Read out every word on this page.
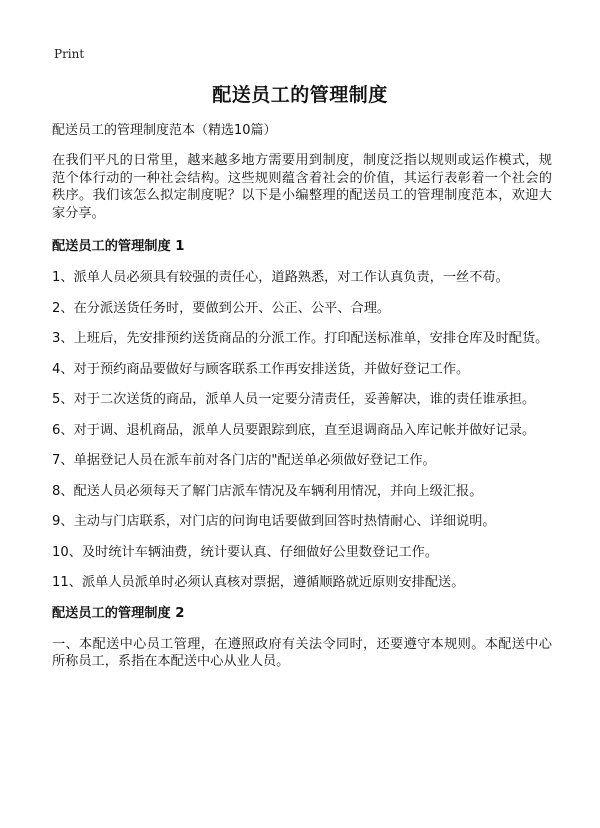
Print
配送员工的管理制度

配送员工的管理制度范本（精选10篇）

在我们平凡的日常里，越来越多地方需要用到制度，制度泛指以规则或运作模式，规范个体行动的一种社会结构。这些规则蕴含着社会的价值，其运行表彰着一个社会的秩序。我们该怎么拟定制度呢？以下是小编整理的配送员工的管理制度范本，欢迎大家分享。

配送员工的管理制度 1

1、派单人员必须具有较强的责任心，道路熟悉，对工作认真负责，一丝不苟。

2、在分派送货任务时，要做到公开、公正、公平、合理。

3、上班后，先安排预约送货商品的分派工作。打印配送标准单，安排仓库及时配货。

4、对于预约商品要做好与顾客联系工作再安排送货，并做好登记工作。

5、对于二次送货的商品，派单人员一定要分清责任，妥善解决，谁的责任谁承担。

6、对于调、退机商品，派单人员要跟踪到底，直至退调商品入库记帐并做好记录。

7、单据登记人员在派车前对各门店的"配送单必须做好登记工作。

8、配送人员必须每天了解门店派车情况及车辆利用情况，并向上级汇报。

9、主动与门店联系，对门店的问询电话要做到回答时热情耐心、详细说明。

10、及时统计车辆油费，统计要认真、仔细做好公里数登记工作。

11、派单人员派单时必须认真核对票据，遵循顺路就近原则安排配送。

配送员工的管理制度 2

一、本配送中心员工管理，在遵照政府有关法令同时，还要遵守本规则。本配送中心所称员工，系指在本配送中心从业人员。
